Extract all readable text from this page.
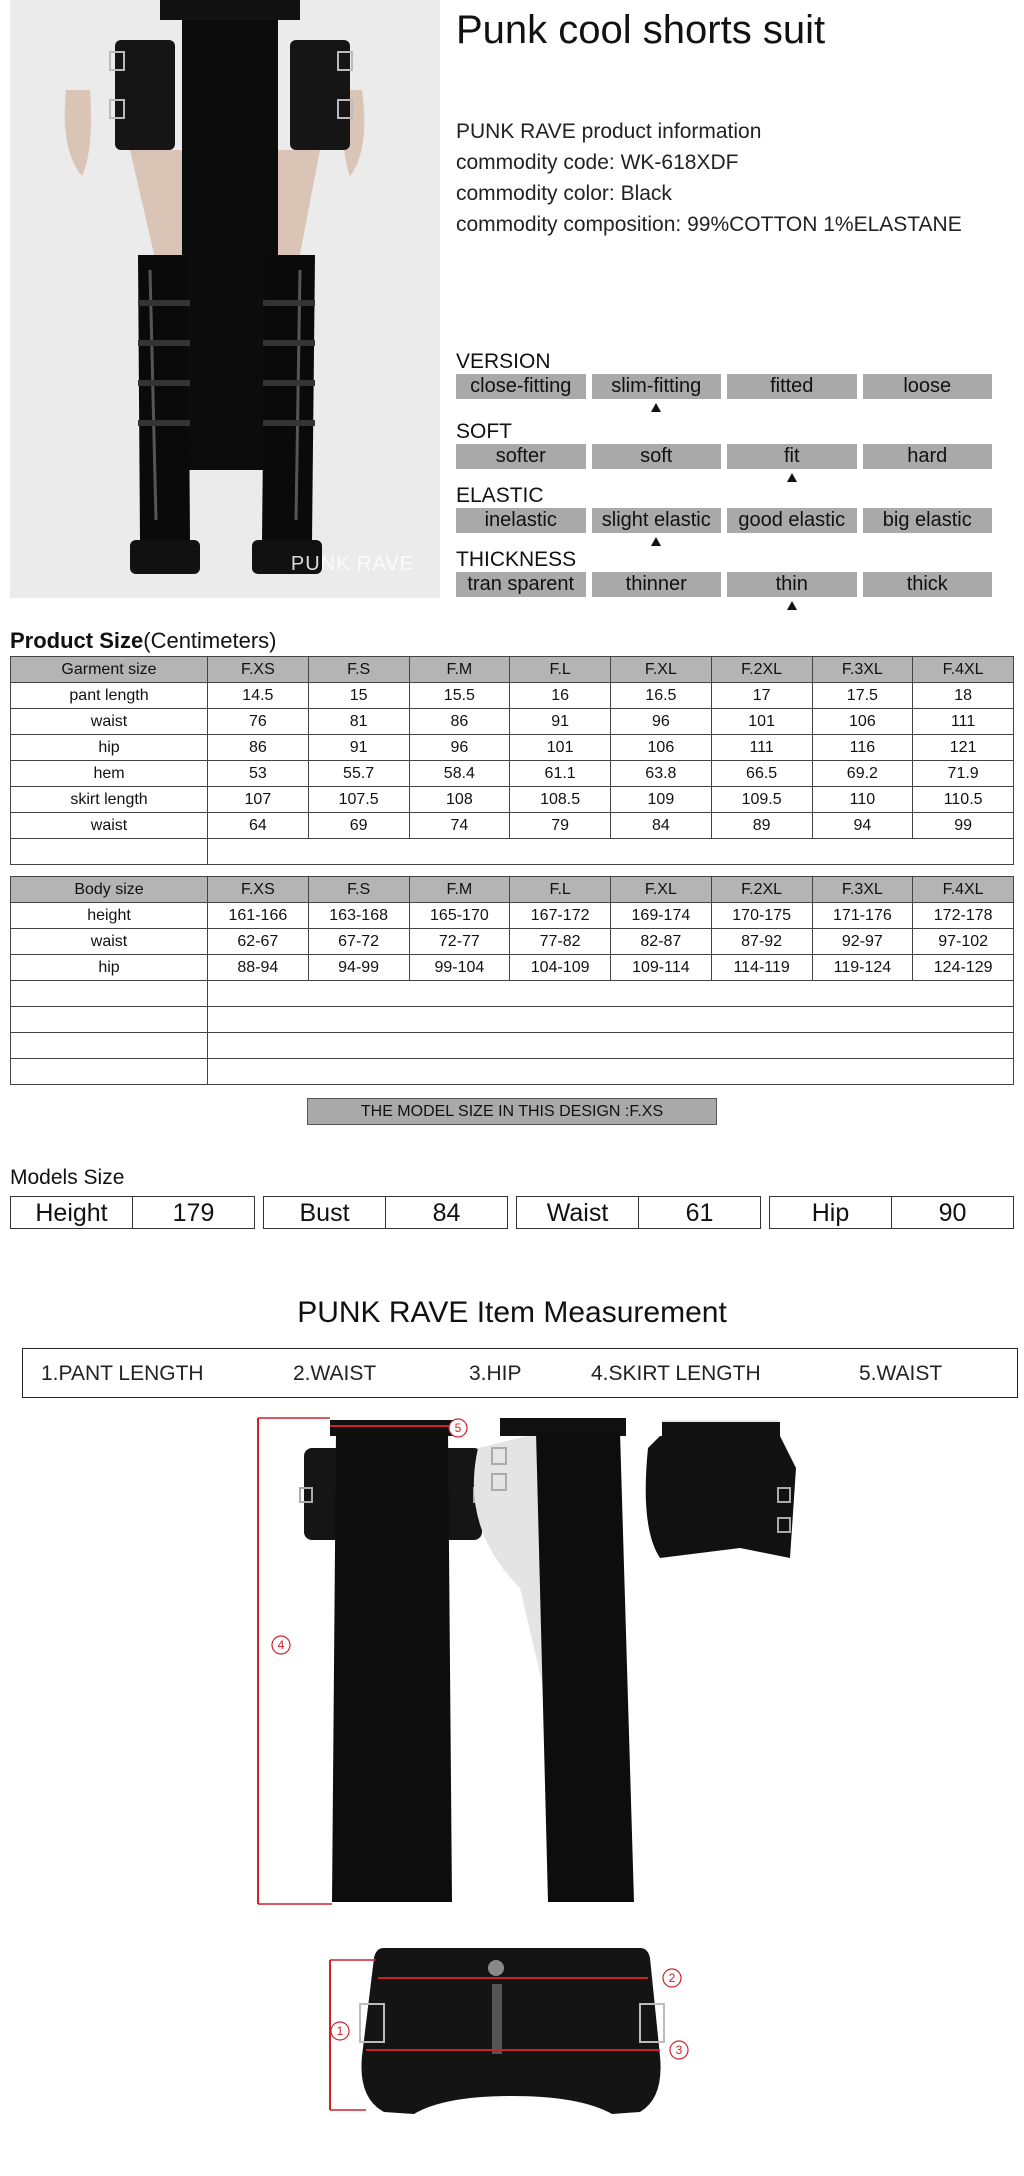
PUNK RAVE
Punk cool shorts suit
PUNK RAVE product information
commodity code: WK-618XDF
commodity color: Black
commodity composition: 99%COTTON 1%ELASTANE
VERSION
close-fitting	slim-fitting	fitted	loose
SOFT
softer	soft	fit	hard
ELASTIC
inelastic	slight elastic	good elastic	big elastic
THICKNESS
tran sparent	thinner	thin	thick
Product Size(Centimeters)
Garment size	F.XS	F.S	F.M	F.L	F.XL	F.2XL	F.3XL	F.4XL
pant length	14.5	15	15.5	16	16.5	17	17.5	18
waist	76	81	86	91	96	101	106	111
hip	86	91	96	101	106	111	116	121
hem	53	55.7	58.4	61.1	63.8	66.5	69.2	71.9
skirt length	107	107.5	108	108.5	109	109.5	110	110.5
waist	64	69	74	79	84	89	94	99

Body size	F.XS	F.S	F.M	F.L	F.XL	F.2XL	F.3XL	F.4XL
height	161-166	163-168	165-170	167-172	169-174	170-175	171-176	172-178
waist	62-67	67-72	72-77	77-82	82-87	87-92	92-97	97-102
hip	88-94	94-99	99-104	104-109	109-114	114-119	119-124	124-129

THE MODEL SIZE IN THIS DESIGN :F.XS
Models Size
Height	179	Bust	84	Waist	61	Hip	90
PUNK RAVE Item Measurement
1.PANT LENGTH	2.WAIST	3.HIP	4.SKIRT LENGTH	5.WAIST
1
2
3
4
5
